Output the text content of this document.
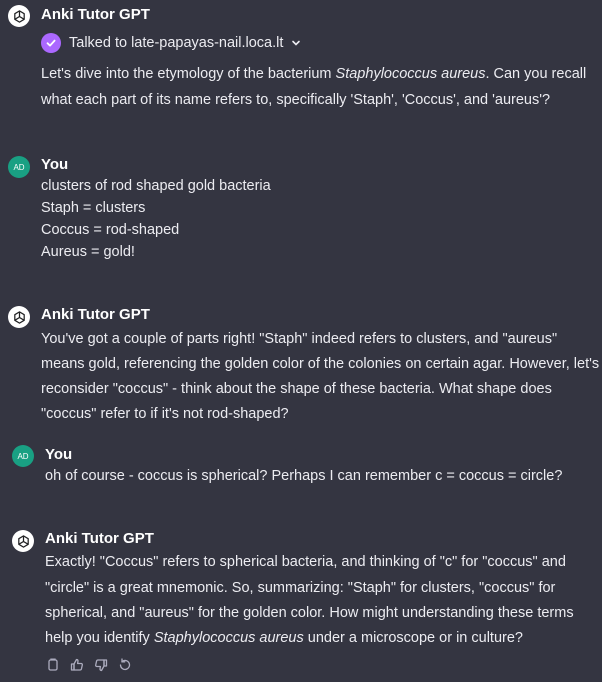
Anki Tutor GPT
Talked to late-papayas-nail.loca.lt
Let's dive into the etymology of the bacterium Staphylococcus aureus. Can you recall
what each part of its name refers to, specifically 'Staph', 'Coccus', and 'aureus'?
AD	You
clusters of rod shaped gold bacteria
Staph = clusters
Coccus = rod-shaped
Aureus = gold!
Anki Tutor GPT
You've got a couple of parts right! "Staph" indeed refers to clusters, and "aureus"
means gold, referencing the golden color of the colonies on certain agar. However, let's
reconsider "coccus" - think about the shape of these bacteria. What shape does
"coccus" refer to if it's not rod-shaped?
AD	You
oh of course - coccus is spherical? Perhaps I can remember c = coccus = circle?
Anki Tutor GPT
Exactly! "Coccus" refers to spherical bacteria, and thinking of "c" for "coccus" and
"circle" is a great mnemonic. So, summarizing: "Staph" for clusters, "coccus" for
spherical, and "aureus" for the golden color. How might understanding these terms
help you identify Staphylococcus aureus under a microscope or in culture?
